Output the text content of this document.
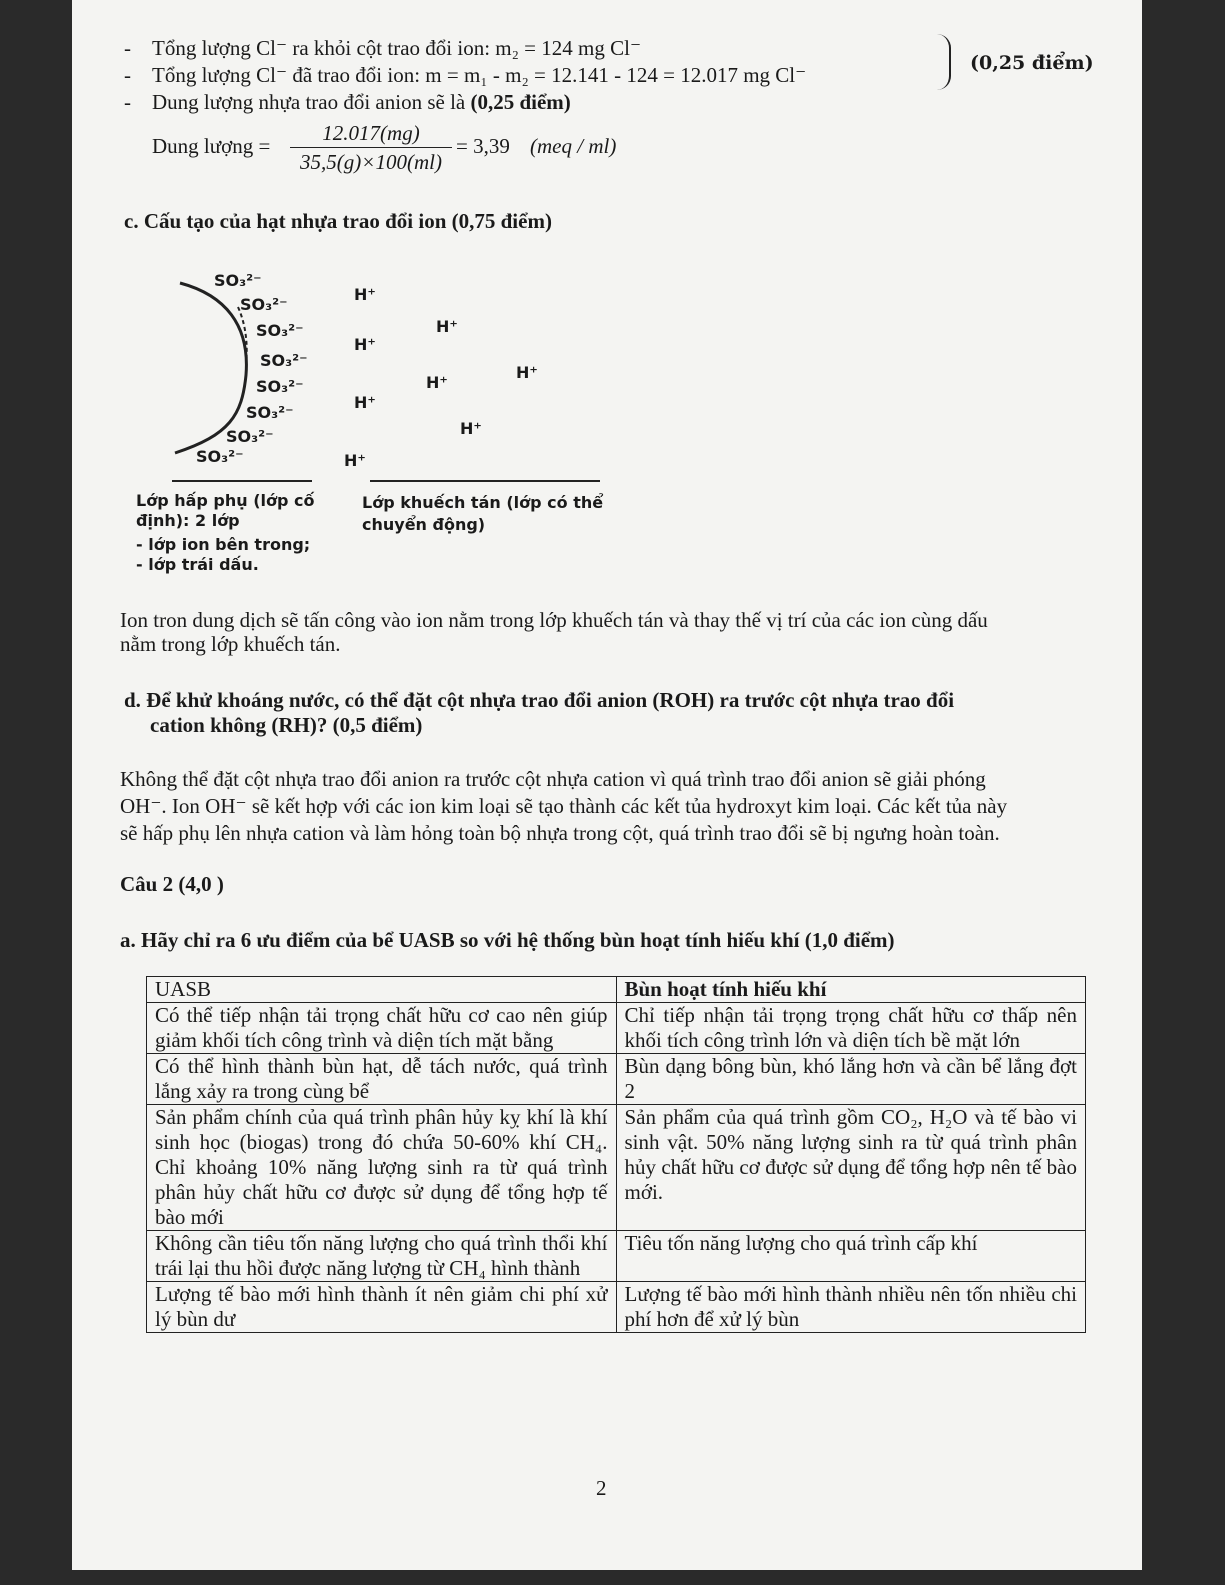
- Tổng lượng Cl⁻ ra khỏi cột trao đổi ion: m₂ = 124 mg Cl⁻
- Tổng lượng Cl⁻ đã trao đổi ion: m = m₁ - m₂ = 12.141 - 124 = 12.017 mg Cl⁻	(0,25 điểm)
- Dung lượng nhựa trao đổi anion sẽ là (0,25 điểm)
Dung lượng =
12.017(mg)
35,5(g)×100(ml)
= 3,39 (meq / ml)
c. Cấu tạo của hạt nhựa trao đổi ion (0,75 điểm)
SO₃²⁻
SO₃²⁻
SO₃²⁻
SO₃²⁻
SO₃²⁻
SO₃²⁻
SO₃²⁻
SO₃²⁻
H⁺
H⁺
H⁺
H⁺
H⁺
H⁺
H⁺
H⁺
Lớp hấp phụ (lớp cố
định): 2 lớp
- lớp ion bên trong;
- lớp trái dấu.
Lớp khuếch tán (lớp có thể
chuyển động)
Ion tron dung dịch sẽ tấn công vào ion nằm trong lớp khuếch tán và thay thế vị trí của các ion cùng dấu
nằm trong lớp khuếch tán.
d. Để khử khoáng nước, có thể đặt cột nhựa trao đổi anion (ROH) ra trước cột nhựa trao đổi
cation không (RH)? (0,5 điểm)
Không thể đặt cột nhựa trao đổi anion ra trước cột nhựa cation vì quá trình trao đổi anion sẽ giải phóng
OH⁻. Ion OH⁻ sẽ kết hợp với các ion kim loại sẽ tạo thành các kết tủa hydroxyt kim loại. Các kết tủa này
sẽ hấp phụ lên nhựa cation và làm hỏng toàn bộ nhựa trong cột, quá trình trao đổi sẽ bị ngưng hoàn toàn.
Câu 2 (4,0 )
a. Hãy chỉ ra 6 ưu điểm của bể UASB so với hệ thống bùn hoạt tính hiếu khí (1,0 điểm)
UASB	Bùn hoạt tính hiếu khí
Có thể tiếp nhận tải trọng chất hữu cơ cao nên giúp giảm khối tích công trình và diện tích mặt bằng	Chỉ tiếp nhận tải trọng trọng chất hữu cơ thấp nên khối tích công trình lớn và diện tích bề mặt lớn
Có thể hình thành bùn hạt, dễ tách nước, quá trình lắng xảy ra trong cùng bể	Bùn dạng bông bùn, khó lắng hơn và cần bể lắng đợt 2
Sản phẩm chính của quá trình phân hủy kỵ khí là khí sinh học (biogas) trong đó chứa 50-60% khí CH₄. Chỉ khoảng 10% năng lượng sinh ra từ quá trình phân hủy chất hữu cơ được sử dụng để tổng hợp tế bào mới	Sản phẩm của quá trình gồm CO₂, H₂O và tế bào vi sinh vật. 50% năng lượng sinh ra từ quá trình phân hủy chất hữu cơ được sử dụng để tổng hợp nên tế bào mới.
Không cần tiêu tốn năng lượng cho quá trình thổi khí trái lại thu hồi được năng lượng từ CH₄ hình thành	Tiêu tốn năng lượng cho quá trình cấp khí
Lượng tế bào mới hình thành ít nên giảm chi phí xử lý bùn dư	Lượng tế bào mới hình thành nhiều nên tốn nhiều chi phí hơn để xử lý bùn
2
